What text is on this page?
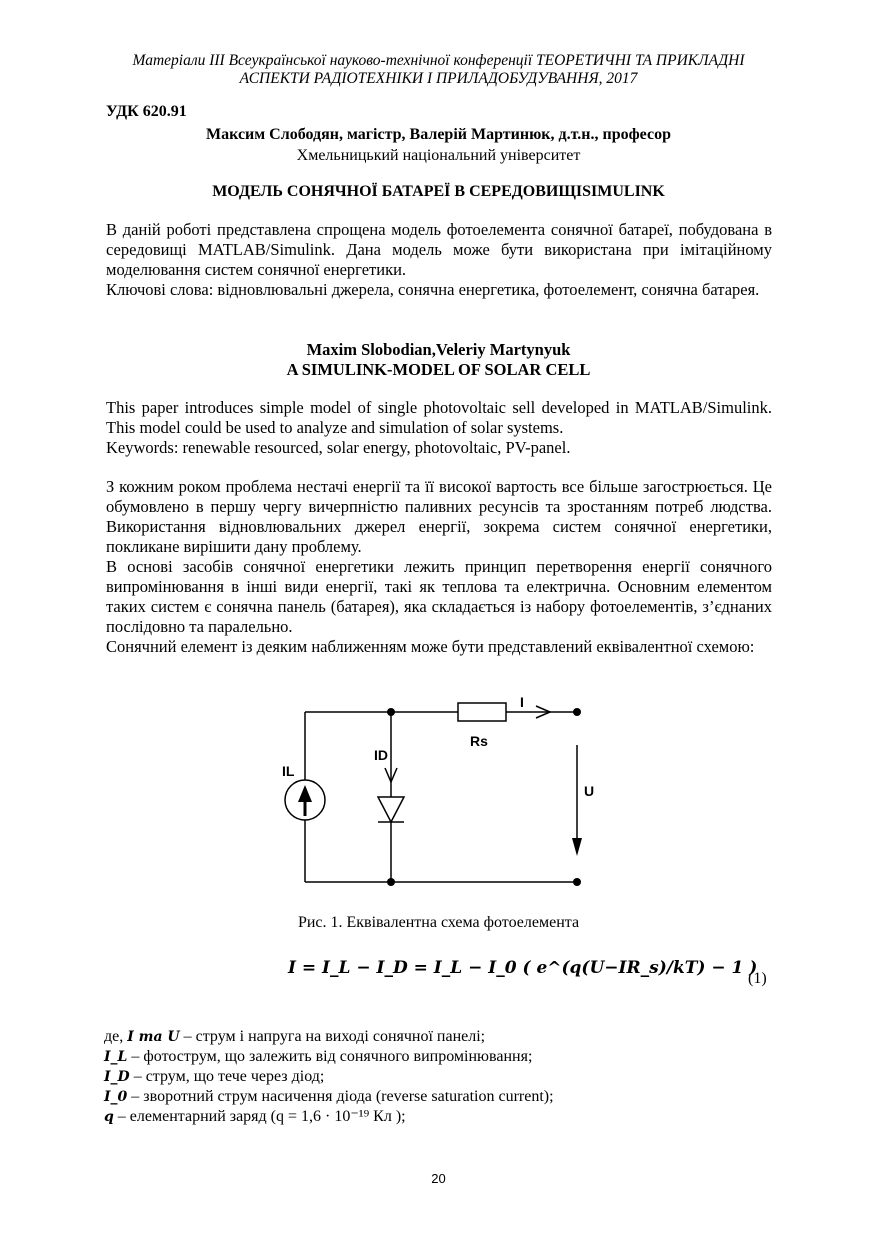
Матеріали ІІІ Всеукраїнської науково-технічної конференції ТЕОРЕТИЧНІ ТА ПРИКЛАДНІ
АСПЕКТИ РАДІОТЕХНІКИ І ПРИЛАДОБУДУВАННЯ, 2017
УДК 620.91
Максим Слободян, магістр, Валерій Мартинюк, д.т.н., професор
Хмельницький національний університет
МОДЕЛЬ СОНЯЧНОЇ БАТАРЕЇ В СЕРЕДОВИЩІSIMULINK

В даній роботі представлена спрощена модель фотоелемента сонячної батареї, побудована в середовищі MATLAB/Simulink. Дана модель може бути використана при імітаційному моделювання систем сонячної енергетики.

Ключові слова: відновлювальні джерела, сонячна енергетика, фотоелемент, сонячна батарея.

Maxim Slobodian,Veleriy Martynyuk
A SIMULINK-MODEL OF SOLAR CELL

This paper introduces simple model of single photovoltaic sell developed in MATLAB/Simulink. This model could be used to analyze and simulation of solar systems.

Keywords: renewable resourced, solar energy, photovoltaic, PV-panel.

З кожним роком проблема нестачі енергії та її високої вартость все більше загострюється. Це обумовлено в першу чергу вичерпністю паливних ресунсів та зростанням потреб людства. Використання відновлювальних джерел енергії, зокрема систем сонячної енергетики, покликане вирішити дану проблему.

В основі засобів сонячної енергетики лежить принцип перетворення енергії сонячного випромінювання в інші види енергії, такі як теплова та електрична. Основним елементом таких систем є сонячна панель (батарея), яка складається із набору фотоелементів, з’єднаних послідовно та паралельно.

Сонячний елемент із деяким наближенням може бути представлений еквівалентної схемою:

IL
ID
I
Rs
U
Рис. 1. Еквівалентна схема фотоелемента
I = I_L − I_D = I_L − I_0 ( e^(q(U−IR_s)/kT) − 1 )
(1)
де, I та U – струм і напруга на виході сонячної панелі;
I_L – фотострум, що залежить від сонячного випромінювання;
I_D – струм, що тече через діод;
I_0 – зворотний струм насичення діода (reverse saturation current);
q – елементарний заряд (q = 1,6 · 10⁻¹⁹ Кл );
20
